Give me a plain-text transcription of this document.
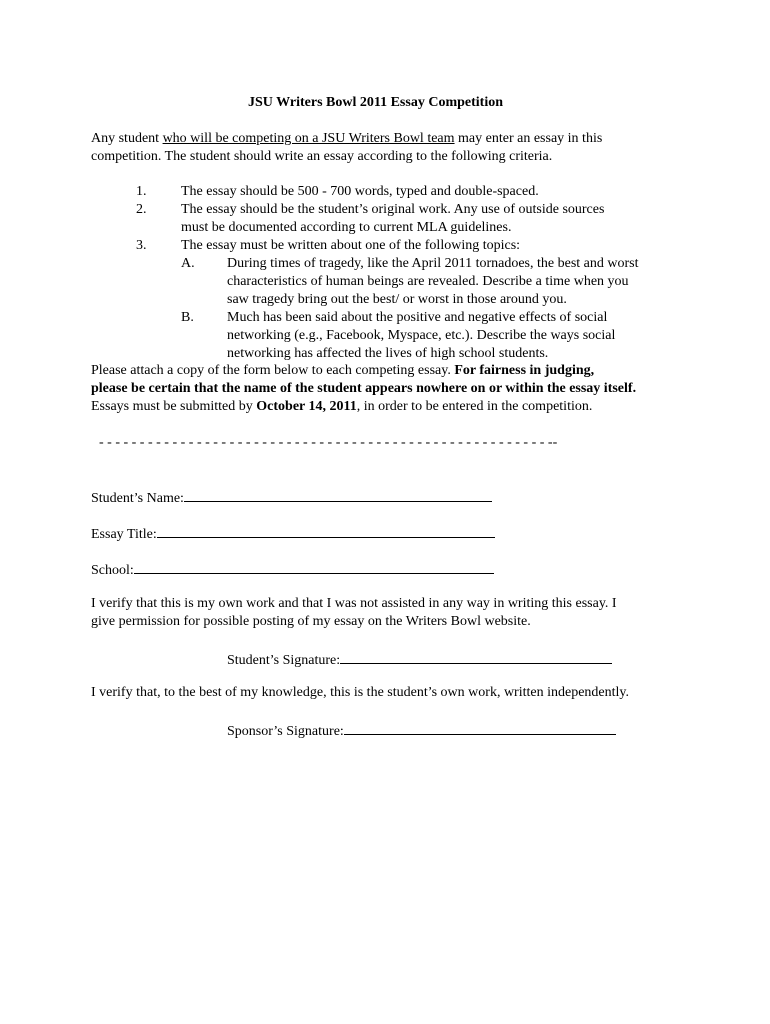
JSU Writers Bowl 2011 Essay Competition
Any student who will be competing on a JSU Writers Bowl team may enter an essay in this
competition. The student should write an essay according to the following criteria.
1. The essay should be 500 - 700 words, typed and double-spaced.
2. The essay should be the student’s original work. Any use of outside sources
must be documented according to current MLA guidelines.
3. The essay must be written about one of the following topics:
A. During times of tragedy, like the April 2011 tornadoes, the best and worst
characteristics of human beings are revealed. Describe a time when you
saw tragedy bring out the best/ or worst in those around you.
B. Much has been said about the positive and negative effects of social
networking (e.g., Facebook, Myspace, etc.). Describe the ways social
networking has affected the lives of high school students.
Please attach a copy of the form below to each competing essay. For fairness in judging,
please be certain that the name of the student appears nowhere on or within the essay itself.
Essays must be submitted by October 14, 2011, in order to be entered in the competition.
- - - - - - - - - - - - - - - - - - - - - - - - - - - - - - - - - - - - - - - - - - - - - - - - - - - - - - - --
Student’s Name:
Essay Title:
School:
I verify that this is my own work and that I was not assisted in any way in writing this essay. I
give permission for possible posting of my essay on the Writers Bowl website.
Student’s Signature:
I verify that, to the best of my knowledge, this is the student’s own work, written independently.
Sponsor’s Signature:
